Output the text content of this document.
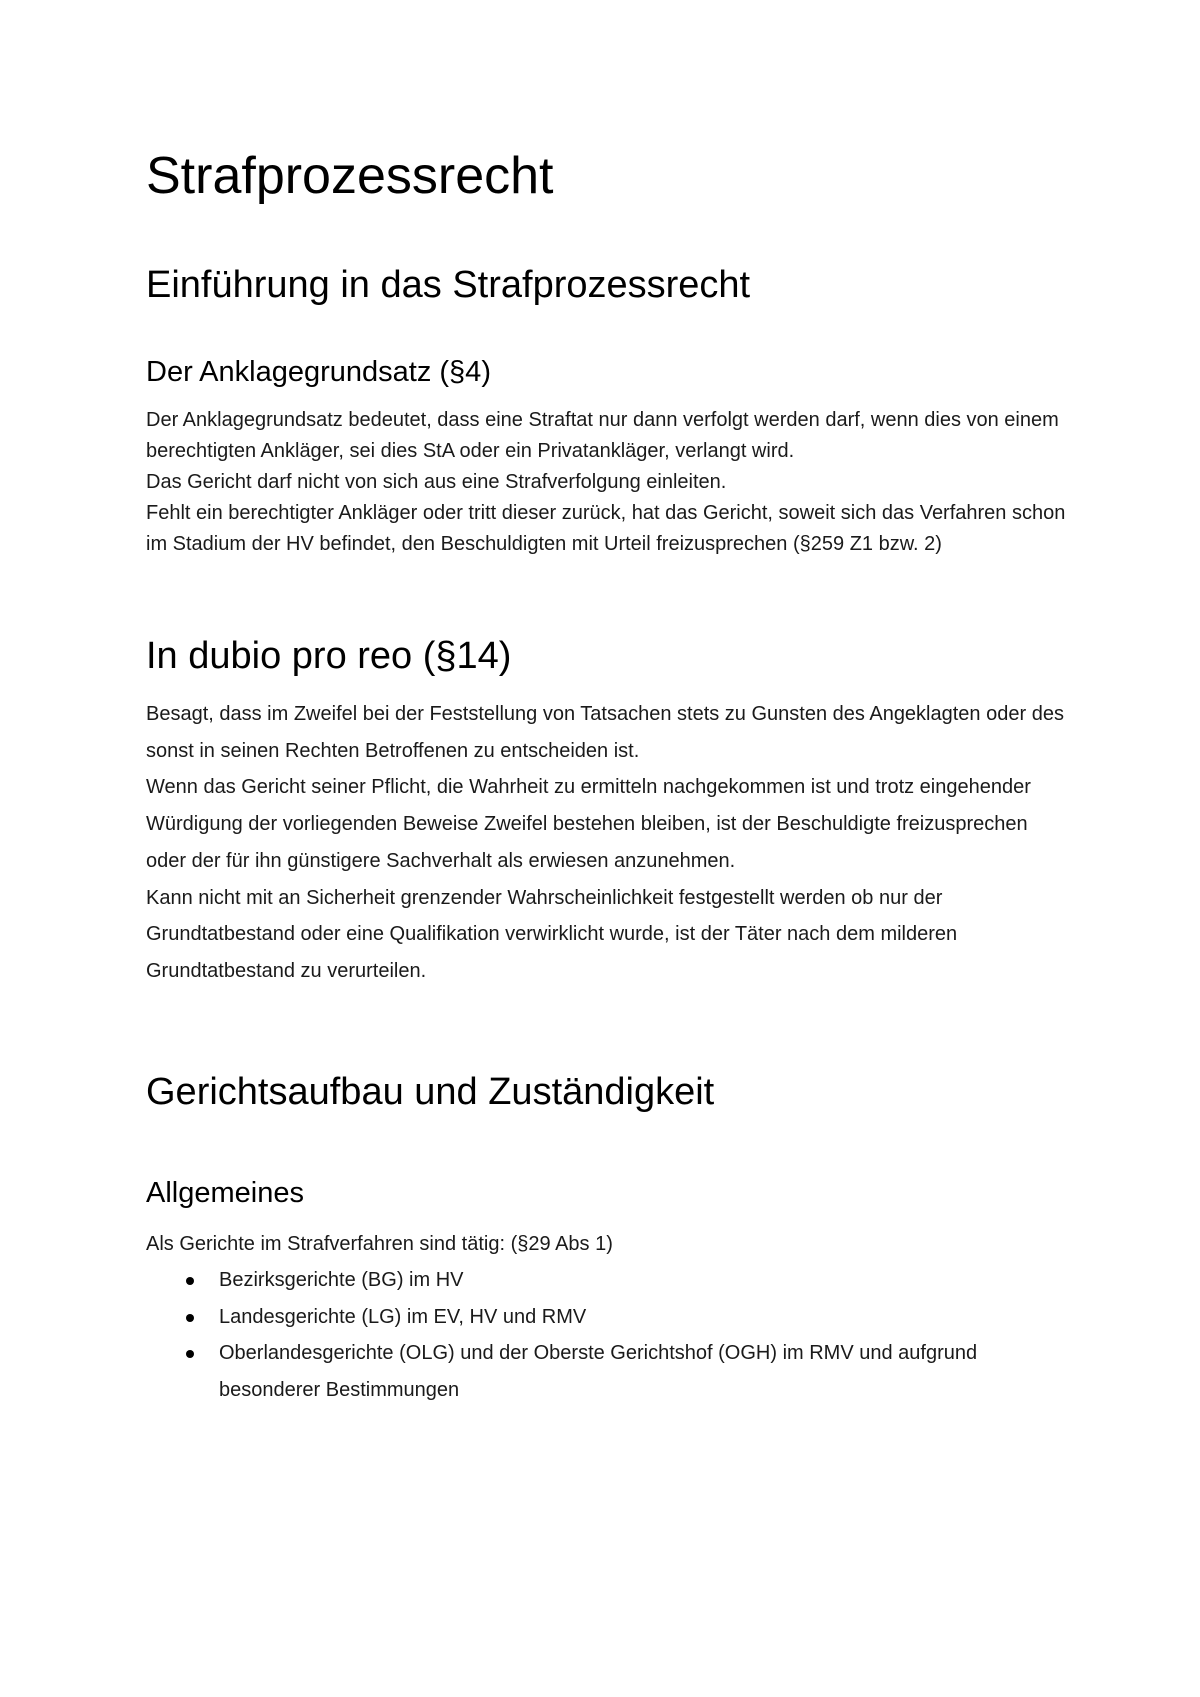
Strafprozessrecht
Einführung in das Strafprozessrecht
Der Anklagegrundsatz (§4)

Der Anklagegrundsatz bedeutet, dass eine Straftat nur dann verfolgt werden darf, wenn dies von einem berechtigten Ankläger, sei dies StA oder ein Privatankläger, verlangt wird.

Das Gericht darf nicht von sich aus eine Strafverfolgung einleiten.

Fehlt ein berechtigter Ankläger oder tritt dieser zurück, hat das Gericht, soweit sich das Verfahren schon im Stadium der HV befindet, den Beschuldigten mit Urteil freizusprechen (§259 Z1 bzw. 2)

In dubio pro reo (§14)

Besagt, dass im Zweifel bei der Feststellung von Tatsachen stets zu Gunsten des Angeklagten oder des sonst in seinen Rechten Betroffenen zu entscheiden ist.

Wenn das Gericht seiner Pflicht, die Wahrheit zu ermitteln nachgekommen ist und trotz eingehender Würdigung der vorliegenden Beweise Zweifel bestehen bleiben, ist der Beschuldigte freizusprechen oder der für ihn günstigere Sachverhalt als erwiesen anzunehmen.

Kann nicht mit an Sicherheit grenzender Wahrscheinlichkeit festgestellt werden ob nur der Grundtatbestand oder eine Qualifikation verwirklicht wurde, ist der Täter nach dem milderen Grundtatbestand zu verurteilen.

Gerichtsaufbau und Zuständigkeit
Allgemeines
Als Gerichte im Strafverfahren sind tätig: (§29 Abs 1)
Bezirksgerichte (BG) im HV
Landesgerichte (LG) im EV, HV und RMV
Oberlandesgerichte (OLG) und der Oberste Gerichtshof (OGH) im RMV und aufgrund besonderer Bestimmungen
